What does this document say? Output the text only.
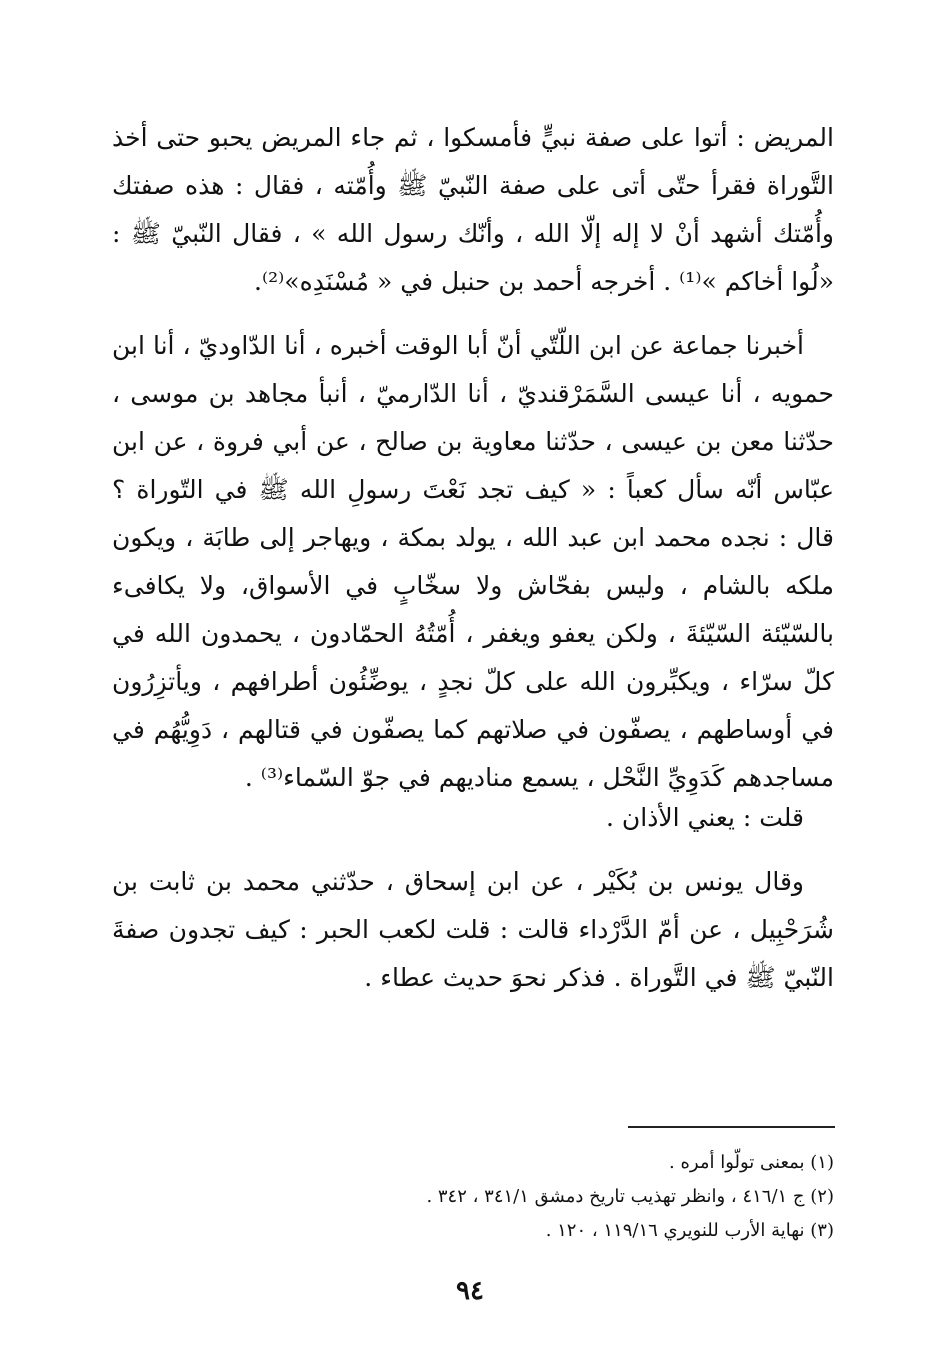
المريض : أتوا على صفة نبيٍّ فأمسكوا ، ثم جاء المريض يحبو حتى أخذ التَّوراة فقرأ حتّى أتى على صفة النّبيّ ﷺ وأُمّته ، فقال : هذه صفتك وأُمّتك أشهد أنْ لا إله إلّا الله ، وأنّك رسول الله » ، فقال النّبيّ ﷺ : «لُوا أخاكم »⁽¹⁾ . أخرجه أحمد بن حنبل في « مُسْنَدِه»⁽²⁾.

أخبرنا جماعة عن ابن اللّتّي أنّ أبا الوقت أخبره ، أنا الدّاوديّ ، أنا ابن حمويه ، أنا عيسى السَّمَرْقنديّ ، أنا الدّارميّ ، أنبأ مجاهد بن موسى ، حدّثنا معن بن عيسى ، حدّثنا معاوية بن صالح ، عن أبي فروة ، عن ابن عبّاس أنّه سأل كعباً : « كيف تجد نَعْتَ رسولِ الله ﷺ في التّوراة ؟ قال : نجده محمد ابن عبد الله ، يولد بمكة ، ويهاجر إلى طابَة ، ويكون ملكه بالشام ، وليس بفحّاش ولا سخّابٍ في الأسواق، ولا يكافىء بالسّيّئة السّيّئةَ ، ولكن يعفو ويغفر ، أُمّتُهُ الحمّادون ، يحمدون الله في كلّ سرّاء ، ويكبِّرون الله على كلّ نجدٍ ، يوضِّئُون أطرافهم ، ويأتزِرُون في أوساطهم ، يصفّون في صلاتهم كما يصفّون في قتالهم ، دَوِيُّهُم في مساجدهم كَدَوِيِّ النَّحْل ، يسمع مناديهم في جوّ السّماء⁽³⁾ .

قلت : يعني الأذان .

وقال يونس بن بُكَيْر ، عن ابن إسحاق ، حدّثني محمد بن ثابت بن شُرَحْبِيل ، عن أمّ الدَّرْداء قالت : قلت لكعب الحبر : كيف تجدون صفةَ النّبيّ ﷺ في التَّوراة . فذكر نحوَ حديث عطاء .

(١) بمعنى تولّوا أمره .
(٢) ج ٤١٦/١ ، وانظر تهذيب تاريخ دمشق ٣٤١/١ ، ٣٤٢ .
(٣) نهاية الأرب للنويري ١١٩/١٦ ، ١٢٠ .
٩٤
